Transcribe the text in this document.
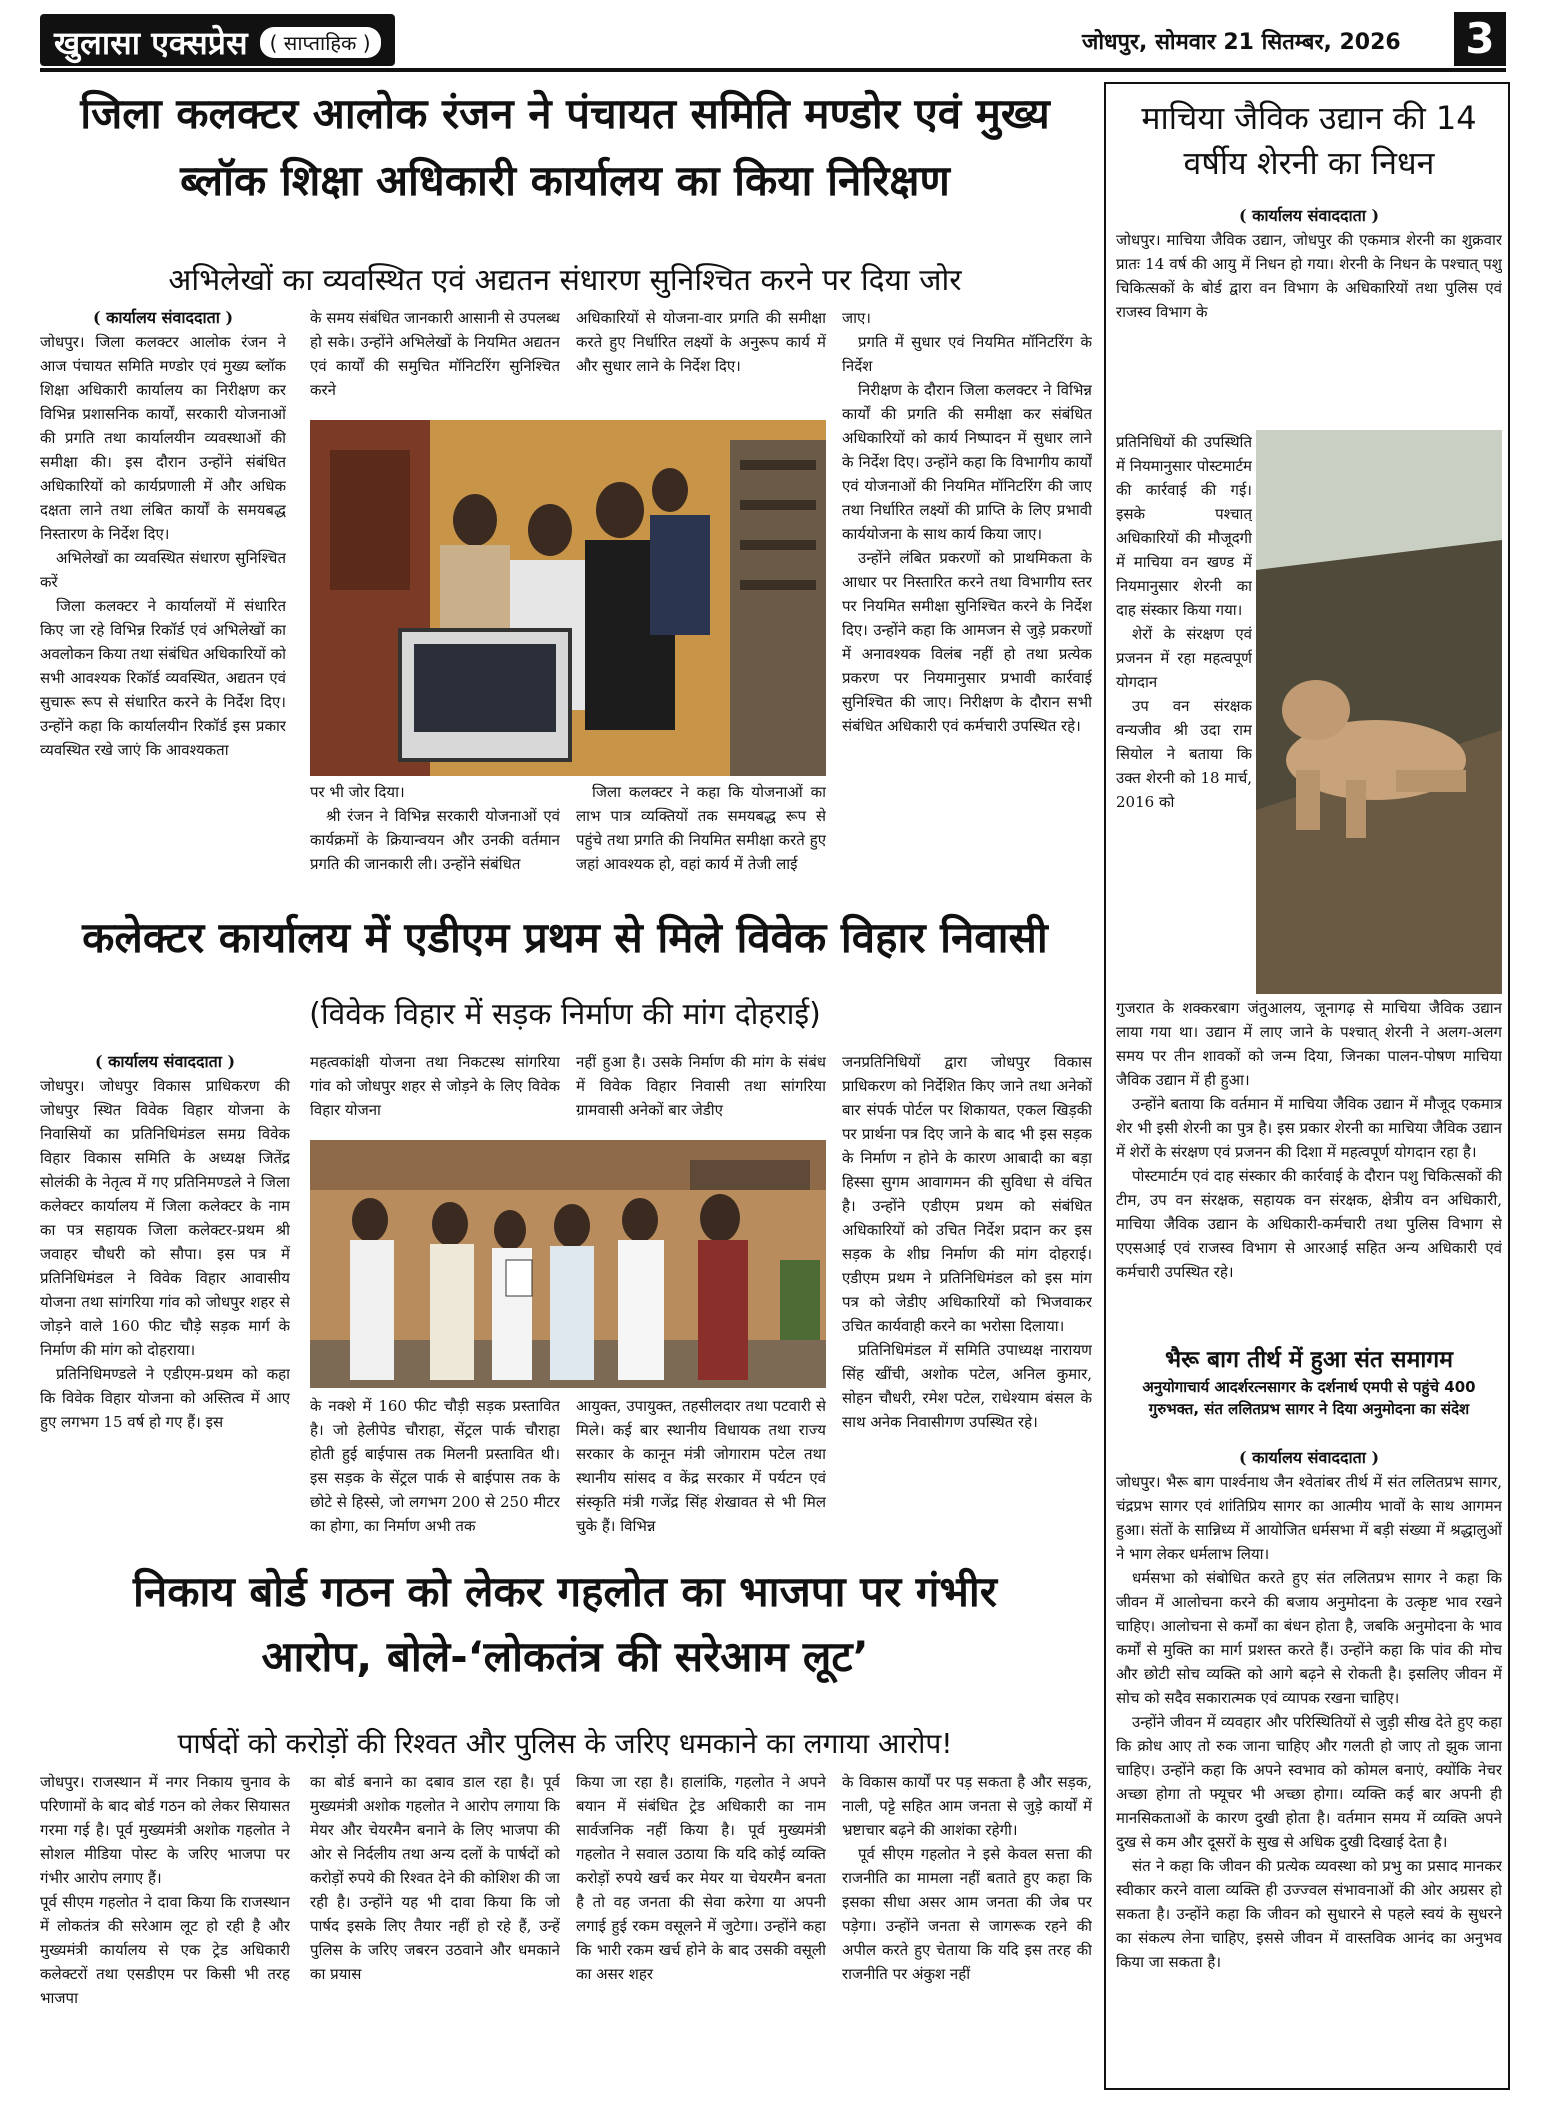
खुलासा एक्सप्रेस	( साप्ताहिक )	जोधपुर, सोमवार 21 सितम्बर, 2026 3
जिला कलक्टर आलोक रंजन ने पंचायत समिति मण्डोर एवं मुख्य
ब्लॉक शिक्षा अधिकारी कार्यालय का किया निरिक्षण
अभिलेखों का व्यवस्थित एवं अद्यतन संधारण सुनिश्चित करने पर दिया जोर

( कार्यालय संवाददाता )

जोधपुर। जिला कलक्टर आलोक रंजन ने आज पंचायत समिति मण्डोर एवं मुख्य ब्लॉक शिक्षा अधिकारी कार्यालय का निरीक्षण कर विभिन्न प्रशासनिक कार्यों, सरकारी योजनाओं की प्रगति तथा कार्यालयीन व्यवस्थाओं की समीक्षा की। इस दौरान उन्होंने संबंधित अधिकारियों को कार्यप्रणाली में और अधिक दक्षता लाने तथा लंबित कार्यों के समयबद्ध निस्तारण के निर्देश दिए।

अभिलेखों का व्यवस्थित संधारण सुनिश्चित करें

जिला कलक्टर ने कार्यालयों में संधारित किए जा रहे विभिन्न रिकॉर्ड एवं अभिलेखों का अवलोकन किया तथा संबंधित अधिकारियों को सभी आवश्यक रिकॉर्ड व्यवस्थित, अद्यतन एवं सुचारू रूप से संधारित करने के निर्देश दिए। उन्होंने कहा कि कार्यालयीन रिकॉर्ड इस प्रकार व्यवस्थित रखे जाएं कि आवश्यकता

के समय संबंधित जानकारी आसानी से उपलब्ध हो सके। उन्होंने अभिलेखों के नियमित अद्यतन एवं कार्यों की समुचित मॉनिटरिंग सुनिश्चित करने

अधिकारियों से योजना-वार प्रगति की समीक्षा करते हुए निर्धारित लक्ष्यों के अनुरूप कार्य में और सुधार लाने के निर्देश दिए।

पर भी जोर दिया।

श्री रंजन ने विभिन्न सरकारी योजनाओं एवं कार्यक्रमों के क्रियान्वयन और उनकी वर्तमान प्रगति की जानकारी ली। उन्होंने संबंधित

जिला कलक्टर ने कहा कि योजनाओं का लाभ पात्र व्यक्तियों तक समयबद्ध रूप से पहुंचे तथा प्रगति की नियमित समीक्षा करते हुए जहां आवश्यक हो, वहां कार्य में तेजी लाई

जाए।

प्रगति में सुधार एवं नियमित मॉनिटरिंग के निर्देश

निरीक्षण के दौरान जिला कलक्टर ने विभिन्न कार्यों की प्रगति की समीक्षा कर संबंधित अधिकारियों को कार्य निष्पादन में सुधार लाने के निर्देश दिए। उन्होंने कहा कि विभागीय कार्यों एवं योजनाओं की नियमित मॉनिटरिंग की जाए तथा निर्धारित लक्ष्यों की प्राप्ति के लिए प्रभावी कार्ययोजना के साथ कार्य किया जाए।

उन्होंने लंबित प्रकरणों को प्राथमिकता के आधार पर निस्तारित करने तथा विभागीय स्तर पर नियमित समीक्षा सुनिश्चित करने के निर्देश दिए। उन्होंने कहा कि आमजन से जुड़े प्रकरणों में अनावश्यक विलंब नहीं हो तथा प्रत्येक प्रकरण पर नियमानुसार प्रभावी कार्रवाई सुनिश्चित की जाए। निरीक्षण के दौरान सभी संबंधित अधिकारी एवं कर्मचारी उपस्थित रहे।

कलेक्टर कार्यालय में एडीएम प्रथम से मिले विवेक विहार निवासी
(विवेक विहार में सड़क निर्माण की मांग दोहराई)

( कार्यालय संवाददाता )

जोधपुर। जोधपुर विकास प्राधिकरण की जोधपुर स्थित विवेक विहार योजना के निवासियों का प्रतिनिधिमंडल समग्र विवेक विहार विकास समिति के अध्यक्ष जितेंद्र सोलंकी के नेतृत्व में गए प्रतिनिमण्डले ने जिला कलेक्टर कार्यालय में जिला कलेक्टर के नाम का पत्र सहायक जिला कलेक्टर-प्रथम श्री जवाहर चौधरी को सौपा। इस पत्र में प्रतिनिधिमंडल ने विवेक विहार आवासीय योजना तथा सांगरिया गांव को जोधपुर शहर से जोड़ने वाले 160 फीट चौड़े सड़क मार्ग के निर्माण की मांग को दोहराया।

प्रतिनिधिमण्डले ने एडीएम-प्रथम को कहा कि विवेक विहार योजना को अस्तित्व में आए हुए लगभग 15 वर्ष हो गए हैं। इस

महत्वकांक्षी योजना तथा निकटस्थ सांगरिया गांव को जोधपुर शहर से जोड़ने के लिए विवेक विहार योजना

नहीं हुआ है। उसके निर्माण की मांग के संबंध में विवेक विहार निवासी तथा सांगरिया ग्रामवासी अनेकों बार जेडीए

के नक्शे में 160 फीट चौड़ी सड़क प्रस्तावित है। जो हेलीपेड चौराहा, सेंट्रल पार्क चौराहा होती हुई बाईपास तक मिलनी प्रस्तावित थी। इस सड़क के सेंट्रल पार्क से बाईपास तक के छोटे से हिस्से, जो लगभग 200 से 250 मीटर का होगा, का निर्माण अभी तक

आयुक्त, उपायुक्त, तहसीलदार तथा पटवारी से मिले। कई बार स्थानीय विधायक तथा राज्य सरकार के कानून मंत्री जोगाराम पटेल तथा स्थानीय सांसद व केंद्र सरकार में पर्यटन एवं संस्कृति मंत्री गजेंद्र सिंह शेखावत से भी मिल चुके हैं। विभिन्न

जनप्रतिनिधियों द्वारा जोधपुर विकास प्राधिकरण को निर्देशित किए जाने तथा अनेकों बार संपर्क पोर्टल पर शिकायत, एकल खिड़की पर प्रार्थना पत्र दिए जाने के बाद भी इस सड़क के निर्माण न होने के कारण आबादी का बड़ा हिस्सा सुगम आवागमन की सुविधा से वंचित है। उन्होंने एडीएम प्रथम को संबंधित अधिकारियों को उचित निर्देश प्रदान कर इस सड़क के शीघ्र निर्माण की मांग दोहराई। एडीएम प्रथम ने प्रतिनिधिमंडल को इस मांग पत्र को जेडीए अधिकारियों को भिजवाकर उचित कार्यवाही करने का भरोसा दिलाया।

प्रतिनिधिमंडल में समिति उपाध्यक्ष नारायण सिंह खींची, अशोक पटेल, अनिल कुमार, सोहन चौधरी, रमेश पटेल, राधेश्याम बंसल के साथ अनेक निवासीगण उपस्थित रहे।

निकाय बोर्ड गठन को लेकर गहलोत का भाजपा पर गंभीर
आरोप, बोले-‘लोकतंत्र की सरेआम लूट’
पार्षदों को करोड़ों की रिश्वत और पुलिस के जरिए धमकाने का लगाया आरोप!

जोधपुर। राजस्थान में नगर निकाय चुनाव के परिणामों के बाद बोर्ड गठन को लेकर सियासत गरमा गई है। पूर्व मुख्यमंत्री अशोक गहलोत ने सोशल मीडिया पोस्ट के जरिए भाजपा पर गंभीर आरोप लगाए हैं।

पूर्व सीएम गहलोत ने दावा किया कि राजस्थान में लोकतंत्र की सरेआम लूट हो रही है और मुख्यमंत्री कार्यालय से एक ट्रेड अधिकारी कलेक्टरों तथा एसडीएम पर किसी भी तरह भाजपा

का बोर्ड बनाने का दबाव डाल रहा है। पूर्व मुख्यमंत्री अशोक गहलोत ने आरोप लगाया कि मेयर और चेयरमैन बनाने के लिए भाजपा की ओर से निर्दलीय तथा अन्य दलों के पार्षदों को करोड़ों रुपये की रिश्वत देने की कोशिश की जा रही है। उन्होंने यह भी दावा किया कि जो पार्षद इसके लिए तैयार नहीं हो रहे हैं, उन्हें पुलिस के जरिए जबरन उठवाने और धमकाने का प्रयास

किया जा रहा है। हालांकि, गहलोत ने अपने बयान में संबंधित ट्रेड अधिकारी का नाम सार्वजनिक नहीं किया है। पूर्व मुख्यमंत्री गहलोत ने सवाल उठाया कि यदि कोई व्यक्ति करोड़ों रुपये खर्च कर मेयर या चेयरमैन बनता है तो वह जनता की सेवा करेगा या अपनी लगाई हुई रकम वसूलने में जुटेगा। उन्होंने कहा कि भारी रकम खर्च होने के बाद उसकी वसूली का असर शहर

के विकास कार्यों पर पड़ सकता है और सड़क, नाली, पट्टे सहित आम जनता से जुड़े कार्यों में भ्रष्टाचार बढ़ने की आशंका रहेगी।

पूर्व सीएम गहलोत ने इसे केवल सत्ता की राजनीति का मामला नहीं बताते हुए कहा कि इसका सीधा असर आम जनता की जेब पर पड़ेगा। उन्होंने जनता से जागरूक रहने की अपील करते हुए चेताया कि यदि इस तरह की राजनीति पर अंकुश नहीं

माचिया जैविक उद्यान की 14 वर्षीय शेरनी का निधन

( कार्यालय संवाददाता )

जोधपुर। माचिया जैविक उद्यान, जोधपुर की एकमात्र शेरनी का शुक्रवार प्रातः 14 वर्ष की आयु में निधन हो गया। शेरनी के निधन के पश्चात् पशु चिकित्सकों के बोर्ड द्वारा वन विभाग के अधिकारियों तथा पुलिस एवं राजस्व विभाग के

प्रतिनिधियों की उपस्थिति में नियमानुसार पोस्टमार्टम की कार्रवाई की गई। इसके पश्चात् अधिकारियों की मौजूदगी में माचिया वन खण्ड में नियमानुसार शेरनी का दाह संस्कार किया गया।

शेरों के संरक्षण एवं प्रजनन में रहा महत्वपूर्ण योगदान

उप वन संरक्षक वन्यजीव श्री उदा राम सियोल ने बताया कि उक्त शेरनी को 18 मार्च, 2016 को

गुजरात के शक्करबाग जंतुआलय, जूनागढ़ से माचिया जैविक उद्यान लाया गया था। उद्यान में लाए जाने के पश्चात् शेरनी ने अलग-अलग समय पर तीन शावकों को जन्म दिया, जिनका पालन-पोषण माचिया जैविक उद्यान में ही हुआ।

उन्होंने बताया कि वर्तमान में माचिया जैविक उद्यान में मौजूद एकमात्र शेर भी इसी शेरनी का पुत्र है। इस प्रकार शेरनी का माचिया जैविक उद्यान में शेरों के संरक्षण एवं प्रजनन की दिशा में महत्वपूर्ण योगदान रहा है।

पोस्टमार्टम एवं दाह संस्कार की कार्रवाई के दौरान पशु चिकित्सकों की टीम, उप वन संरक्षक, सहायक वन संरक्षक, क्षेत्रीय वन अधिकारी, माचिया जैविक उद्यान के अधिकारी-कर्मचारी तथा पुलिस विभाग से एएसआई एवं राजस्व विभाग से आरआई सहित अन्य अधिकारी एवं कर्मचारी उपस्थित रहे।

भैरू बाग तीर्थ में हुआ संत समागम
अनुयोगाचार्य आदर्शरत्नसागर के दर्शनार्थ एमपी से पहुंचे 400 गुरुभक्त, संत ललितप्रभ सागर ने दिया अनुमोदना का संदेश

( कार्यालय संवाददाता )

जोधपुर। भैरू बाग पार्श्वनाथ जैन श्वेतांबर तीर्थ में संत ललितप्रभ सागर, चंद्रप्रभ सागर एवं शांतिप्रिय सागर का आत्मीय भावों के साथ आगमन हुआ। संतों के सान्निध्य में आयोजित धर्मसभा में बड़ी संख्या में श्रद्धालुओं ने भाग लेकर धर्मलाभ लिया।

धर्मसभा को संबोधित करते हुए संत ललितप्रभ सागर ने कहा कि जीवन में आलोचना करने की बजाय अनुमोदना के उत्कृष्ट भाव रखने चाहिए। आलोचना से कर्मों का बंधन होता है, जबकि अनुमोदना के भाव कर्मों से मुक्ति का मार्ग प्रशस्त करते हैं। उन्होंने कहा कि पांव की मोच और छोटी सोच व्यक्ति को आगे बढ़ने से रोकती है। इसलिए जीवन में सोच को सदैव सकारात्मक एवं व्यापक रखना चाहिए।

उन्होंने जीवन में व्यवहार और परिस्थितियों से जुड़ी सीख देते हुए कहा कि क्रोध आए तो रुक जाना चाहिए और गलती हो जाए तो झुक जाना चाहिए। उन्होंने कहा कि अपने स्वभाव को कोमल बनाएं, क्योंकि नेचर अच्छा होगा तो फ्यूचर भी अच्छा होगा। व्यक्ति कई बार अपनी ही मानसिकताओं के कारण दुखी होता है। वर्तमान समय में व्यक्ति अपने दुख से कम और दूसरों के सुख से अधिक दुखी दिखाई देता है।

संत ने कहा कि जीवन की प्रत्येक व्यवस्था को प्रभु का प्रसाद मानकर स्वीकार करने वाला व्यक्ति ही उज्ज्वल संभावनाओं की ओर अग्रसर हो सकता है। उन्होंने कहा कि जीवन को सुधारने से पहले स्वयं के सुधरने का संकल्प लेना चाहिए, इससे जीवन में वास्तविक आनंद का अनुभव किया जा सकता है।
